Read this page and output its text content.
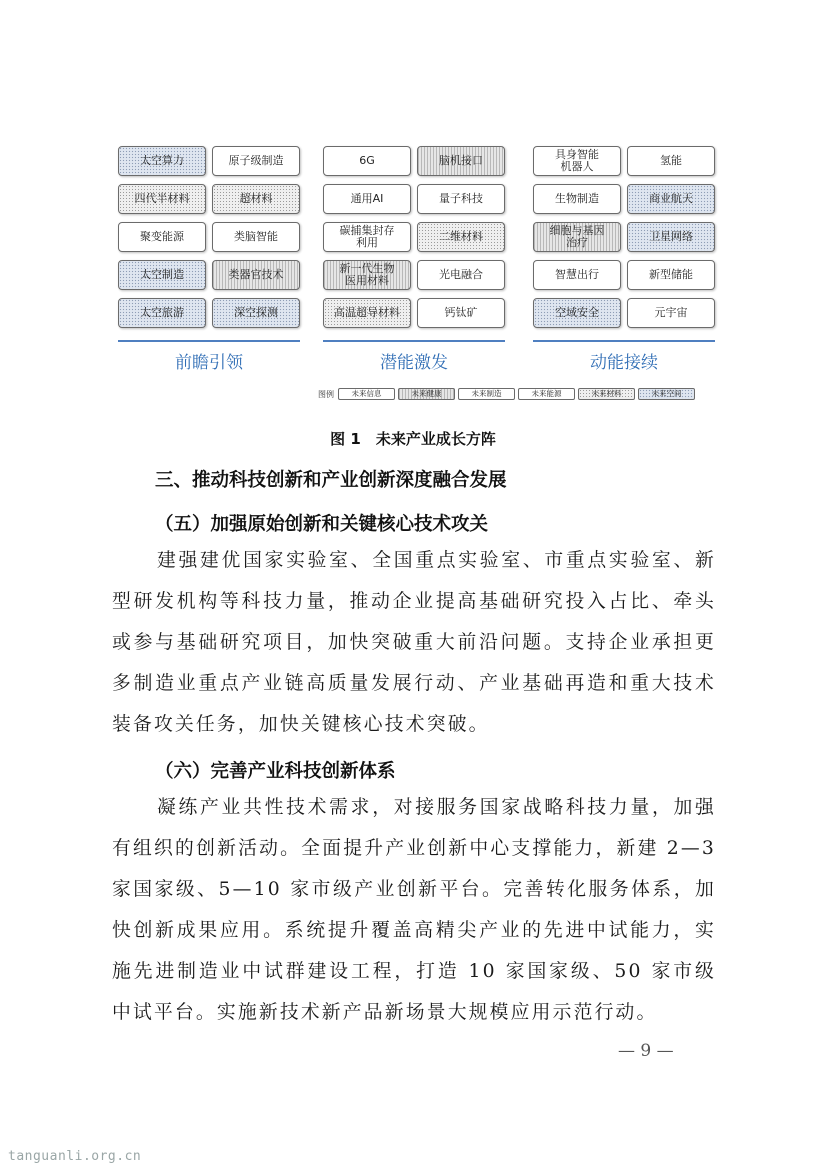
太空算力	原子级制造
四代半材料	超材料
聚变能源	类脑智能
太空制造	类器官技术
太空旅游	深空探测
前瞻引领
6G	脑机接口
通用AI	量子科技
碳捕集封存
利用	二维材料
新一代生物
医用材料	光电融合
高温超导材料	钙钛矿
潜能激发
具身智能
机器人	氢能
生物制造	商业航天
细胞与基因
治疗	卫星网络
智慧出行	新型储能
空域安全	元宇宙
动能接续
图例	未来信息	未来健康	未来制造	未来能源	未来材料	未来空间
图 1　未来产业成长方阵
三、推动科技创新和产业创新深度融合发展
（五）加强原始创新和关键核心技术攻关

建强建优国家实验室、全国重点实验室、市重点实验室、新型研发机构等科技力量，推动企业提高基础研究投入占比、牵头或参与基础研究项目，加快突破重大前沿问题。支持企业承担更多制造业重点产业链高质量发展行动、产业基础再造和重大技术装备攻关任务，加快关键核心技术突破。

（六）完善产业科技创新体系

凝练产业共性技术需求，对接服务国家战略科技力量，加强有组织的创新活动。全面提升产业创新中心支撑能力，新建 2—3 家国家级、5—10 家市级产业创新平台。完善转化服务体系，加快创新成果应用。系统提升覆盖高精尖产业的先进中试能力，实施先进制造业中试群建设工程，打造 10 家国家级、50 家市级中试平台。实施新技术新产品新场景大规模应用示范行动。

— 9 —
tanguanli.org.cn
